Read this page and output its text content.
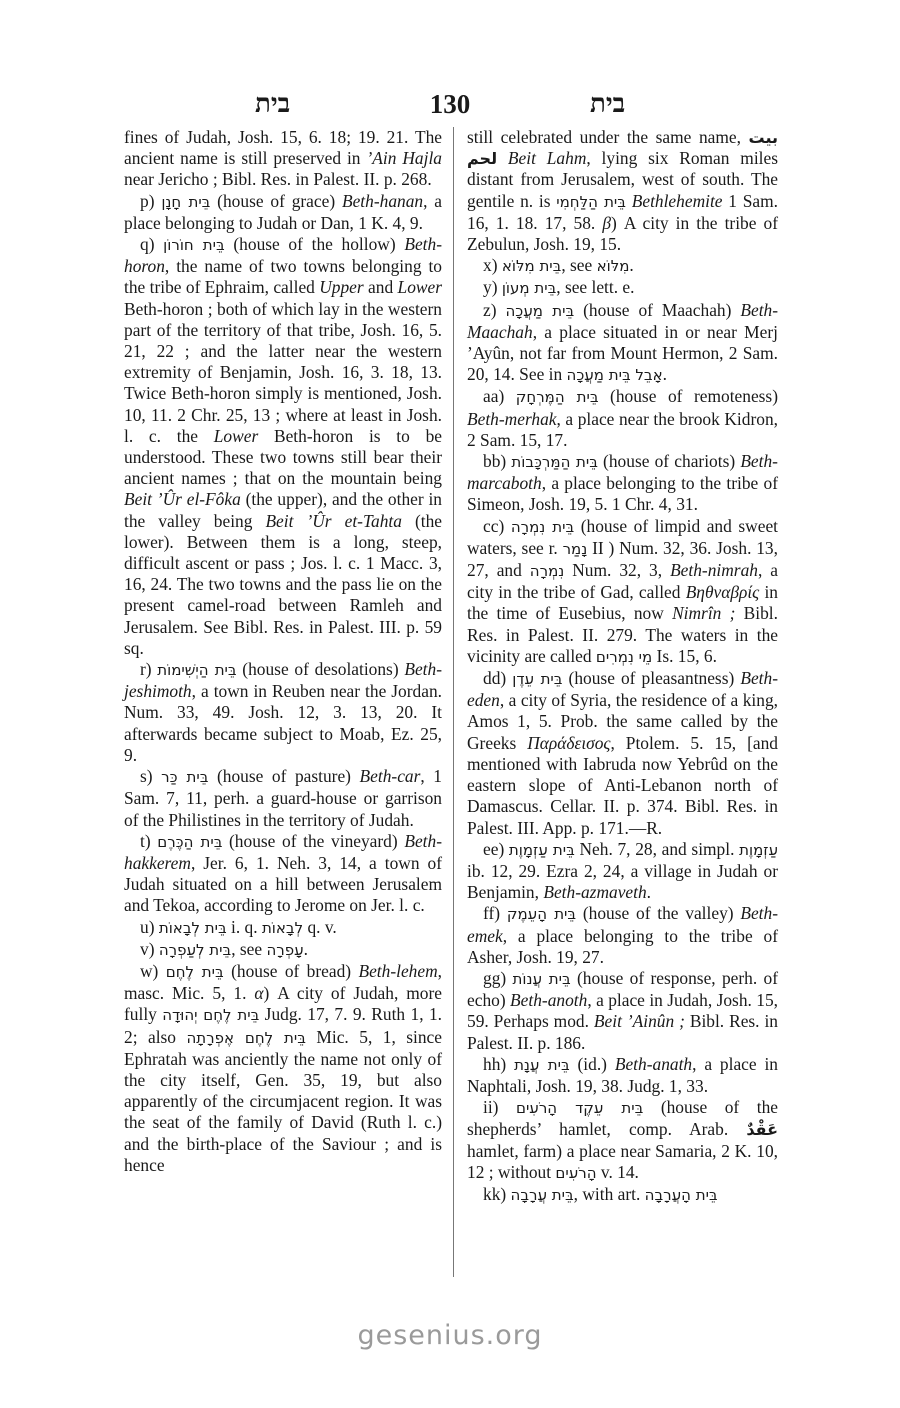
בית	130	בית

fines of Judah, Josh. 15, 6. 18; 19. 21. The ancient name is still preserved in ’Ain Hajla near Jericho ; Bibl. Res. in Palest. II. p. 268.

p) בֵּית חָנָן (house of grace) Beth-hanan, a place belonging to Judah or Dan, 1 K. 4, 9.

q) בֵּית חוֹרוֹן (house of the hollow) Beth-horon, the name of two towns belonging to the tribe of Ephraim, called Upper and Lower Beth-horon ; both of which lay in the western part of the territory of that tribe, Josh. 16, 5. 21, 22 ; and the latter near the western extremity of Benjamin, Josh. 16, 3. 18, 13. Twice Beth-horon simply is mentioned, Josh. 10, 11. 2 Chr. 25, 13 ; where at least in Josh. l. c. the Lower Beth-horon is to be understood. These two towns still bear their ancient names ; that on the mountain being Beit ’Ûr el-Fôka (the upper), and the other in the valley being Beit ’Ûr et-Tahta (the lower). Between them is a long, steep, difficult ascent or pass ; Jos. l. c. 1 Macc. 3, 16, 24. The two towns and the pass lie on the present camel-road between Ramleh and Jerusalem. See Bibl. Res. in Palest. III. p. 59 sq.

r) בֵּית הַיְשִׁימוֹת (house of desolations) Beth-jeshimoth, a town in Reuben near the Jordan. Num. 33, 49. Josh. 12, 3. 13, 20. It afterwards became subject to Moab, Ez. 25, 9.

s) בֵּית כַּר (house of pasture) Beth-car, 1 Sam. 7, 11, perh. a guard-house or garrison of the Philistines in the territory of Judah.

t) בֵּית הַכֶּרֶם (house of the vineyard) Beth-hakkerem, Jer. 6, 1. Neh. 3, 14, a town of Judah situated on a hill between Jerusalem and Tekoa, according to Jerome on Jer. l. c.

u) בֵּית לְבָאוֹת i. q. לְבָאוֹת q. v.

v) בֵּית לְעַפְרָה, see עָפְרָה.

w) בֵּית לֶחֶם (house of bread) Beth-lehem, masc. Mic. 5, 1. α) A city of Judah, more fully בֵּית לֶחֶם יְהוּדָה Judg. 17, 7. 9. Ruth 1, 1. 2; also בֵּית לֶחֶם אֶפְרָתָה Mic. 5, 1, since Ephratah was anciently the name not only of the city itself, Gen. 35, 19, but also apparently of the circumjacent region. It was the seat of the family of David (Ruth l. c.) and the birth-place of the Saviour ; and is hence

still celebrated under the same name, بيت لحم Beit Lahm, lying six Roman miles distant from Jerusalem, west of south. The gentile n. is בֵּית הַלַּחְמִי Bethlehemite 1 Sam. 16, 1. 18. 17, 58. β) A city in the tribe of Zebulun, Josh. 19, 15.

x) בֵּית מִלּוֹא, see מִלּוֹא.

y) בֵּית מְעוֹן, see lett. e.

z) בֵּית מַעֲכָה (house of Maachah) Beth-Maachah, a place situated in or near Merj ’Ayûn, not far from Mount Hermon, 2 Sam. 20, 14. See in אָבֵל בֵּית מַעֲכָה.

aa) בֵּית הַמֶּרְחָק (house of remoteness) Beth-merhak, a place near the brook Kidron, 2 Sam. 15, 17.

bb) בֵּית הַמַּרְכָּבוֹת (house of chariots) Beth-marcaboth, a place belonging to the tribe of Simeon, Josh. 19, 5. 1 Chr. 4, 31.

cc) בֵּית נִמְרָה (house of limpid and sweet waters, see r. נָמַר II ) Num. 32, 36. Josh. 13, 27, and נִמְרָה Num. 32, 3, Beth-nimrah, a city in the tribe of Gad, called Βηθναβρίς in the time of Eusebius, now Nimrîn ; Bibl. Res. in Palest. II. 279. The waters in the vicinity are called מֵי נִמְרִים Is. 15, 6.

dd) בֵּית עֵדֶן (house of pleasantness) Beth-eden, a city of Syria, the residence of a king, Amos 1, 5. Prob. the same called by the Greeks Παράδεισος, Ptolem. 5. 15, [and mentioned with Iabruda now Yebrûd on the eastern slope of Anti-Lebanon north of Damascus. Cellar. II. p. 374. Bibl. Res. in Palest. III. App. p. 171.—R.

ee) בֵּית עַזְמָוֶת Neh. 7, 28, and simpl. עַזְמָוֶת ib. 12, 29. Ezra 2, 24, a village in Judah or Benjamin, Beth-azmaveth.

ff) בֵּית הָעֵמֶק (house of the valley) Beth-emek, a place belonging to the tribe of Asher, Josh. 19, 27.

gg) בֵּית עֲנוֹת (house of response, perh. of echo) Beth-anoth, a place in Judah, Josh. 15, 59. Perhaps mod. Beit ’Ainûn ; Bibl. Res. in Palest. II. p. 186.

hh) בֵּית עֲנָת (id.) Beth-anath, a place in Naphtali, Josh. 19, 38. Judg. 1, 33.

ii) בֵּית עֵקֶד הָרֹעִים (house of the shepherds’ hamlet, comp. Arab. عَقْدٌ hamlet, farm) a place near Samaria, 2 K. 10, 12 ; without הָרֹעִים v. 14.

kk) בֵּית עֲרָבָה, with art. בֵּית הָעֲרָבָה

gesenius.org
